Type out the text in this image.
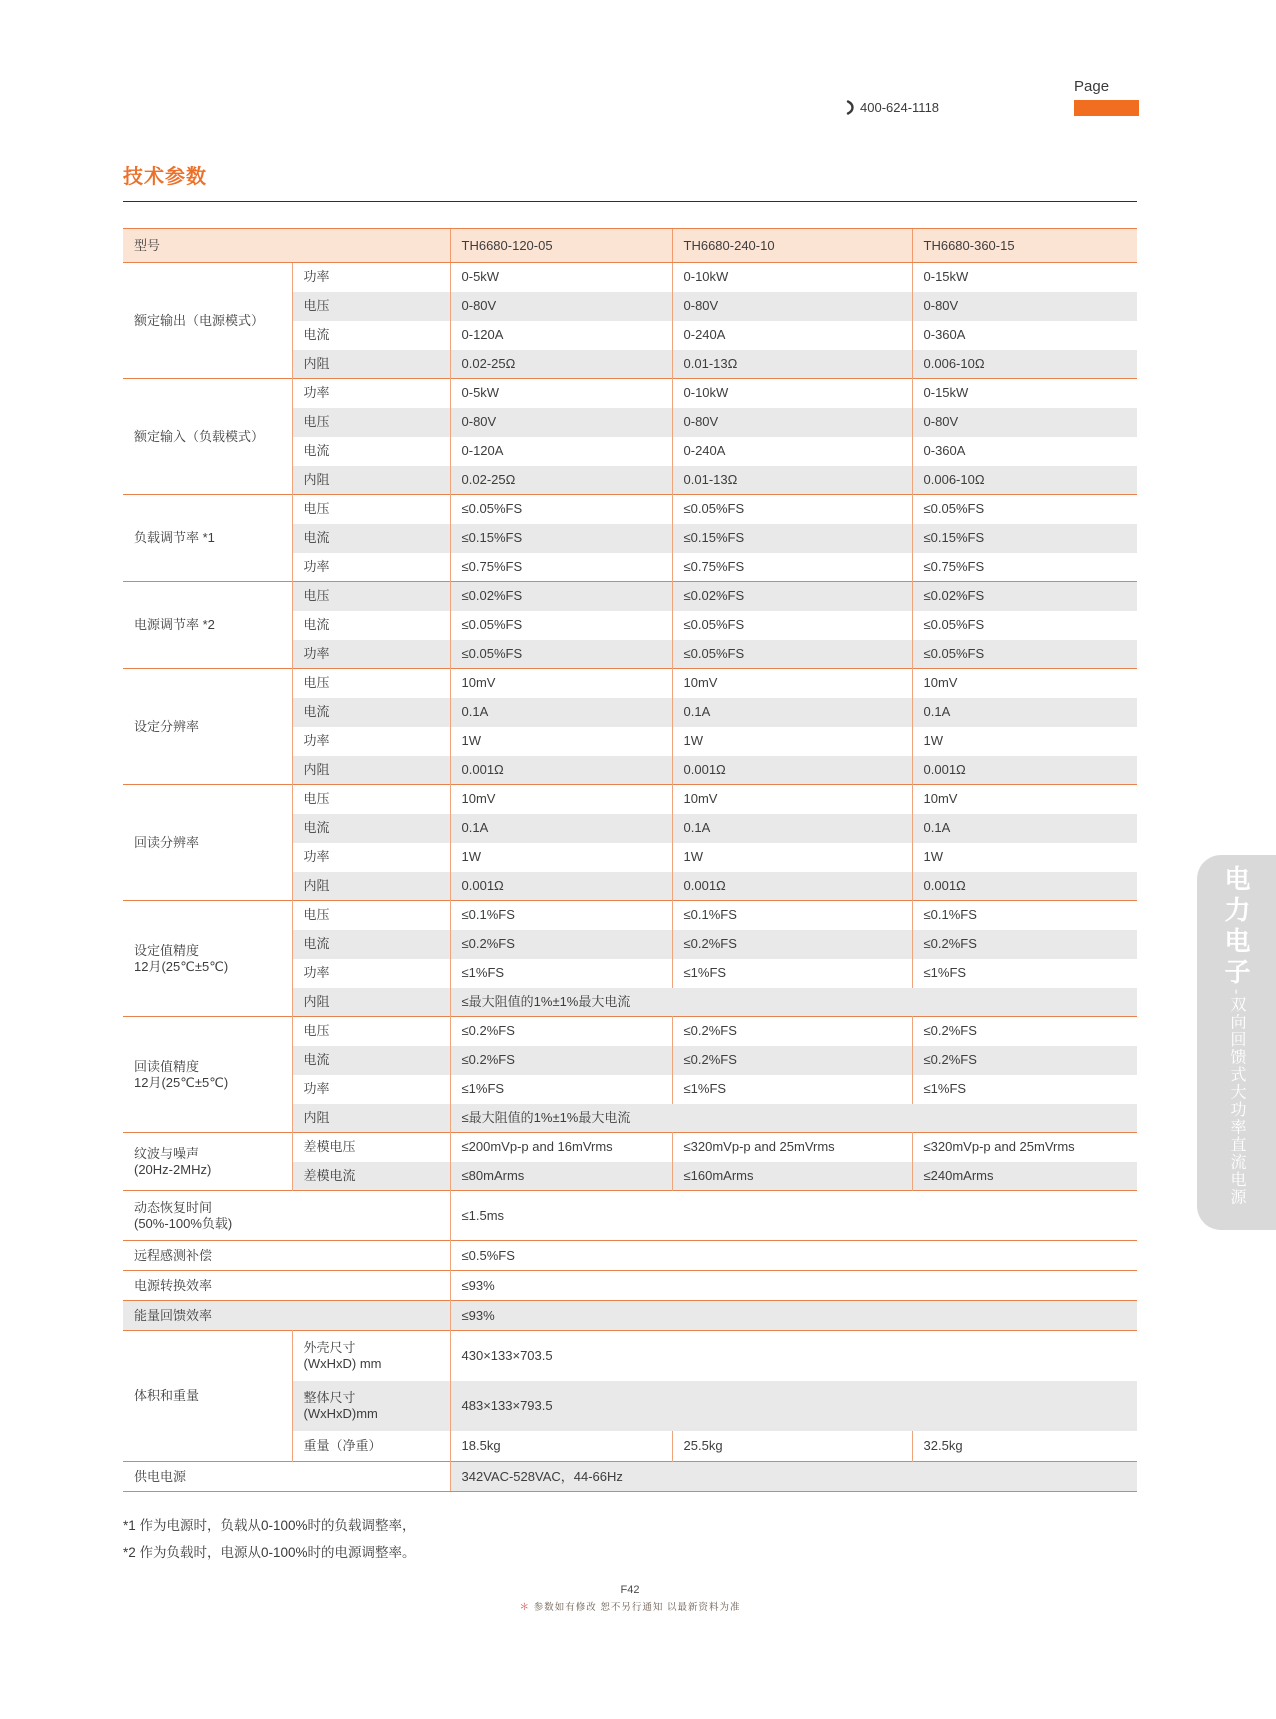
Page
400-624-1118
技术参数
型号		TH6680-120-05	TH6680-240-10	TH6680-360-15
额定输出（电源模式）	功率	0-5kW	0-10kW	0-15kW
	电压	0-80V	0-80V	0-80V
	电流	0-120A	0-240A	0-360A
	内阻	0.02-25Ω	0.01-13Ω	0.006-10Ω
额定输入（负载模式）	功率	0-5kW	0-10kW	0-15kW
	电压	0-80V	0-80V	0-80V
	电流	0-120A	0-240A	0-360A
	内阻	0.02-25Ω	0.01-13Ω	0.006-10Ω
负载调节率 *1	电压	≤0.05%FS	≤0.05%FS	≤0.05%FS
	电流	≤0.15%FS	≤0.15%FS	≤0.15%FS
	功率	≤0.75%FS	≤0.75%FS	≤0.75%FS
电源调节率 *2	电压	≤0.02%FS	≤0.02%FS	≤0.02%FS
	电流	≤0.05%FS	≤0.05%FS	≤0.05%FS
	功率	≤0.05%FS	≤0.05%FS	≤0.05%FS
设定分辨率	电压	10mV	10mV	10mV
	电流	0.1A	0.1A	0.1A
	功率	1W	1W	1W
	内阻	0.001Ω	0.001Ω	0.001Ω
回读分辨率	电压	10mV	10mV	10mV
	电流	0.1A	0.1A	0.1A
	功率	1W	1W	1W
	内阻	0.001Ω	0.001Ω	0.001Ω
设定值精度
12月(25℃±5℃)	电压	≤0.1%FS	≤0.1%FS	≤0.1%FS
	电流	≤0.2%FS	≤0.2%FS	≤0.2%FS
	功率	≤1%FS	≤1%FS	≤1%FS
	内阻	≤最大阻值的1%±1%最大电流		
回读值精度
12月(25℃±5℃)	电压	≤0.2%FS	≤0.2%FS	≤0.2%FS
	电流	≤0.2%FS	≤0.2%FS	≤0.2%FS
	功率	≤1%FS	≤1%FS	≤1%FS
	内阻	≤最大阻值的1%±1%最大电流		
纹波与噪声
(20Hz-2MHz)	差模电压	≤200mVp-p and 16mVrms	≤320mVp-p and 25mVrms	≤320mVp-p and 25mVrms
	差模电流	≤80mArms	≤160mArms	≤240mArms
动态恢复时间
(50%-100%负载)		≤1.5ms		
远程感测补偿		≤0.5%FS		
电源转换效率		≤93%		
能量回馈效率		≤93%		
体积和重量	外壳尺寸
(WxHxD) mm	430×133×703.5		
	整体尺寸
(WxHxD)mm	483×133×793.5		
	重量（净重）	18.5kg	25.5kg	32.5kg
供电电源		342VAC-528VAC，44-66Hz		
*1 作为电源时，负载从0-100%时的负载调整率，
*2 作为负载时，电源从0-100%时的电源调整率。
F42
＊ 参数如有修改 恕不另行通知 以最新资料为准
电力电子-双向回馈式大功率直流电源
